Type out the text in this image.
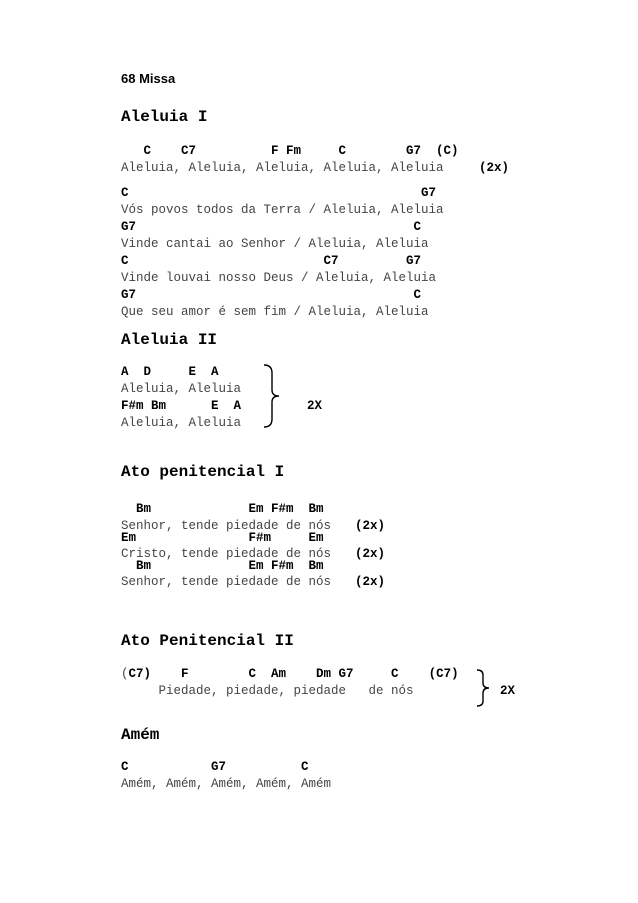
68 Missa
Aleluia I
C    C7          F Fm     C        G7  (C)
Aleluia, Aleluia, Aleluia, Aleluia, Aleluia (2x)
C                                       G7
Vós povos todos da Terra / Aleluia, Aleluia
G7                                     C
Vinde cantai ao Senhor / Aleluia, Aleluia
C                          C7         G7
Vinde louvai nosso Deus / Aleluia, Aleluia
G7                                     C
Que seu amor é sem fim / Aleluia, Aleluia
Aleluia II
A  D     E  A
Aleluia, Aleluia
F#m Bm      E  A
Aleluia, Aleluia
2X
Ato penitencial I
Bm             Em F#m  Bm
Senhor, tende piedade de nós (2x)
Em               F#m     Em
Cristo, tende piedade de nós (2x)
Bm             Em F#m  Bm
Senhor, tende piedade de nós (2x)
Ato Penitencial II
(C7)    F        C  Am    Dm G7     C    (C7)
Piedade, piedade, piedade   de nós	2X
Amém
C           G7          C
Amém, Amém, Amém, Amém, Amém
